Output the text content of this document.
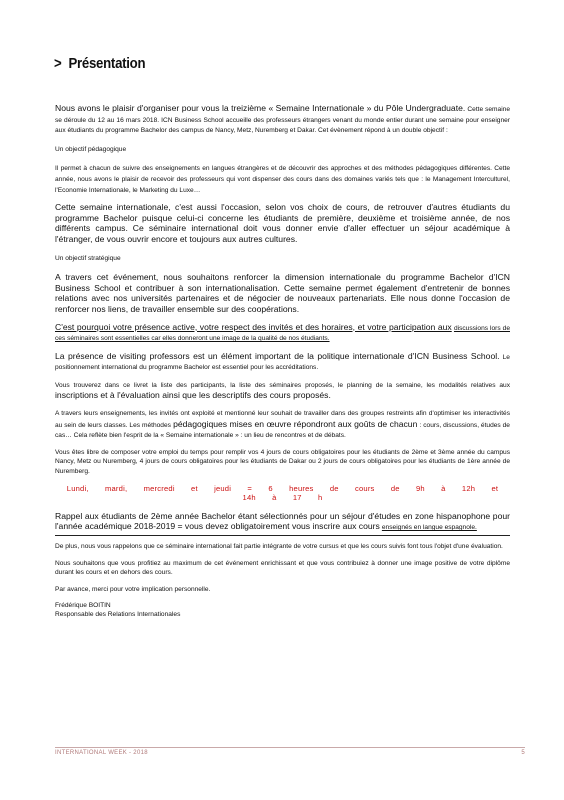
> Présentation

Nous avons le plaisir d'organiser pour vous la treizième « Semaine Internationale » du Pôle Undergraduate. Cette semaine se déroule du 12 au 16 mars 2018. ICN Business School accueille des professeurs étrangers venant du monde entier durant une semaine pour enseigner aux étudiants du programme Bachelor des campus de Nancy, Metz, Nuremberg et Dakar. Cet évènement répond à un double objectif :

Un objectif pédagogique

Il permet à chacun de suivre des enseignements en langues étrangères et de découvrir des approches et des méthodes pédagogiques différentes. Cette année, nous avons le plaisir de recevoir des professeurs qui vont dispenser des cours dans des domaines variés tels que : le Management Interculturel, l'Economie Internationale, le Marketing du Luxe…

Cette semaine internationale, c'est aussi l'occasion, selon vos choix de cours, de retrouver d'autres étudiants du programme Bachelor puisque celui-ci concerne les étudiants de première, deuxième et troisième année, de nos différents campus. Ce séminaire international doit vous donner envie d'aller effectuer un séjour académique à l'étranger, de vous ouvrir encore et toujours aux autres cultures.

Un objectif stratégique

A travers cet événement, nous souhaitons renforcer la dimension internationale du programme Bachelor d'ICN Business School et contribuer à son internationalisation. Cette semaine permet également d'entretenir de bonnes relations avec nos universités partenaires et de négocier de nouveaux partenariats. Elle nous donne l'occasion de renforcer nos liens, de travailler ensemble sur des coopérations.

C'est pourquoi votre présence active, votre respect des invités et des horaires, et votre participation aux discussions lors de ces séminaires sont essentielles car elles donneront une image de la qualité de nos étudiants.

La présence de visiting professors est un élément important de la politique internationale d'ICN Business School. Le positionnement international du programme Bachelor est essentiel pour les accréditations.

Vous trouverez dans ce livret la liste des participants, la liste des séminaires proposés, le planning de la semaine, les modalités relatives aux inscriptions et à l'évaluation ainsi que les descriptifs des cours proposés.

A travers leurs enseignements, les invités ont exploité et mentionné leur souhait de travailler dans des groupes restreints afin d'optimiser les interactivités au sein de leurs classes. Les méthodes pédagogiques mises en œuvre répondront aux goûts de chacun : cours, discussions, études de cas… Cela reflète bien l'esprit de la « Semaine internationale » : un lieu de rencontres et de débats.

Vous êtes libre de composer votre emploi du temps pour remplir vos 4 jours de cours obligatoires pour les étudiants de 2ème et 3ème année du campus Nancy, Metz ou Nuremberg, 4 jours de cours obligatoires pour les étudiants de Dakar ou 2 jours de cours obligatoires pour les étudiants de 1ère année de Nuremberg.

Lundi, mardi, mercredi et jeudi = 6 heures de cours de 9h à 12h et 14h à 17 h

Rappel aux étudiants de 2ème année Bachelor étant sélectionnés pour un séjour d'études en zone hispanophone pour l'année académique 2018-2019 = vous devez obligatoirement vous inscrire aux cours enseignés en langue espagnole.

De plus, nous vous rappelons que ce séminaire international fait partie intégrante de votre cursus et que les cours suivis font tous l'objet d'une évaluation.

Nous souhaitons que vous profitiez au maximum de cet événement enrichissant et que vous contribuiez à donner une image positive de votre diplôme durant les cours et en dehors des cours.

Par avance, merci pour votre implication personnelle.

Frédérique BOITIN
Responsable des Relations Internationales
INTERNATIONAL WEEK - 2018	5
